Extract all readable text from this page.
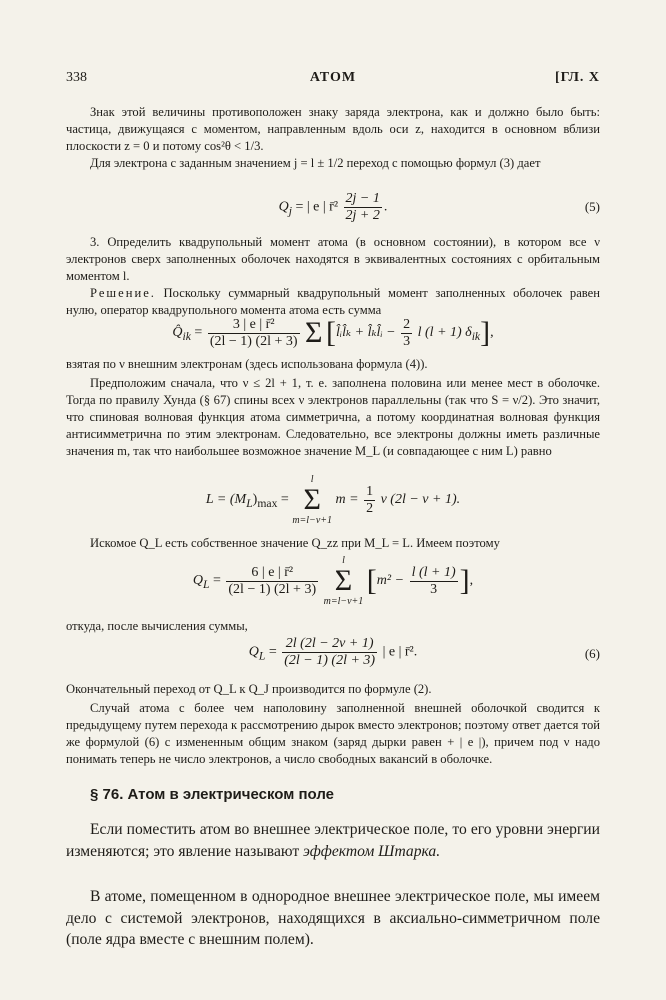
338	АТОМ	[ГЛ. X

Знак этой величины противоположен знаку заряда электрона, как и должно было быть: частица, движущаяся с моментом, направленным вдоль оси z, находится в основном вблизи плоскости z = 0 и потому cos²θ < 1/3.

Для электрона с заданным значением j = l ± 1/2 переход с помощью формул (3) дает

$Q_j$ = | e | r̄² $\frac{2j - 1}{2j + 2}$ .	(5)

3. Определить квадрупольный момент атома (в основном состоянии), в котором все ν электронов сверх заполненных оболочек находятся в эквивалентных состояниях с орбитальным моментом l.

Решение. Поскольку суммарный квадрупольный момент заполненных оболочек равен нулю, оператор квадрупольного момента атома есть сумма

$Q̂_{ik} = \frac{\text{3 | e | r̄²}}{(2l - 1) (2l + 3)}$
Σ [l̂ᵢl̂ₖ + l̂ₖl̂ᵢ − $\frac{2}{3}$ l (l + 1) $\delta_{ik}$],

взятая по ν внешним электронам (здесь использована формула (4)).

Предположим сначала, что ν ≤ 2l + 1, т. е. заполнена половина или менее мест в оболочке. Тогда по правилу Хунда (§ 67) спины всех ν электронов параллельны (так что S = ν/2). Это значит, что спиновая волновая функция атома симметрична, а потому координатная волновая функция антисимметрична по этим электронам. Следовательно, все электроны должны иметь различные значения m, так что наибольшее возможное значение M_L (и совпадающее с ним L) равно

$L = (M_L)_{max}$ =
l
Σ
m=l−ν+1
$m = \frac{1}{2}$ ν (2l − ν + 1).

Искомое Q_L есть собственное значение Q_zz при M_L = L. Имеем поэтому

$Q_L = \frac{\text{6 | e | r̄²}}{(2l - 1) (2l + 3)}$

l
Σ
m=l−ν+1
[$m^2 - \frac{l (l + 1)}{3}$ ],

откуда, после вычисления суммы,

$Q_L = \frac{2l (2l - 2\nu + 1)}{(2l - 1) (2l + 3)}$ | e | r̄².	(6)

Окончательный переход от Q_L к Q_J производится по формуле (2).

Случай атома с более чем наполовину заполненной внешней оболочкой сводится к предыдущему путем перехода к рассмотрению дырок вместо электронов; поэтому ответ дается той же формулой (6) с измененным общим знаком (заряд дырки равен + | e |), причем под ν надо понимать теперь не число электронов, а число свободных вакансий в оболочке.

§ 76. Атом в электрическом поле

Если поместить атом во внешнее электрическое поле, то его уровни энергии изменяются; это явление называют эффектом Штарка.

В атоме, помещенном в однородное внешнее электрическое поле, мы имеем дело с системой электронов, находящихся в аксиально-симметричном поле (поле ядра вместе с внешним полем).
